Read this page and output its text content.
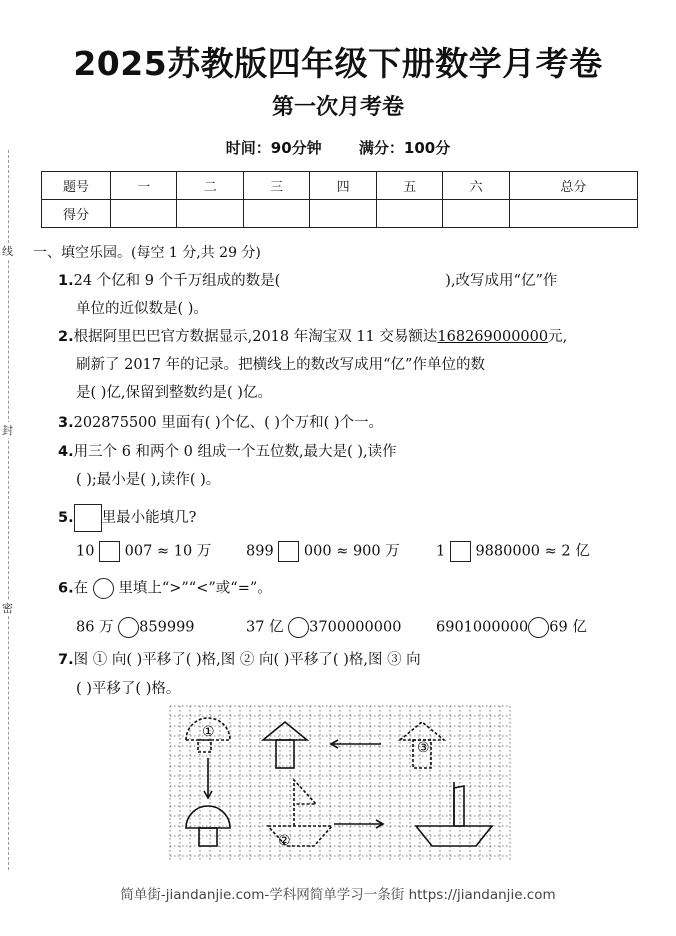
线
封
密
2025苏教版四年级下册数学月考卷
第一次月考卷
时间：90分钟 满分：100分
题号	一	二	三	四	五	六	总分
得分							
一、填空乐园。(每空 1 分,共 29 分)
1.24 个亿和 9 个千万组成的数是(	),改写成用“亿”作
单位的近似数是( )。
2.根据阿里巴巴官方数据显示,2018 年淘宝双 11 交易额达168269000000元,
刷新了 2017 年的记录。把横线上的数改写成用“亿”作单位的数
是( )亿,保留到整数约是( )亿。
3.202875500 里面有( )个亿、( )个万和( )个一。
4.用三个 6 和两个 0 组成一个五位数,最大是( ),读作
( );最小是( ),读作( )。
5. 里最小能填几?
10 007 ≈ 10 万 899 000 ≈ 900 万	1 9880000 ≈ 2 亿
6.在 里填上“>”“<”或“=”。
86 万 859999	37 亿 3700000000 6901000000 69 亿
7.图 ① 向( )平移了( )格,图 ② 向( )平移了( )格,图 ③ 向
( )平移了( )格。
①
②
③
简单街-jiandanjie.com-学科网简单学习一条街 https://jiandanjie.com
